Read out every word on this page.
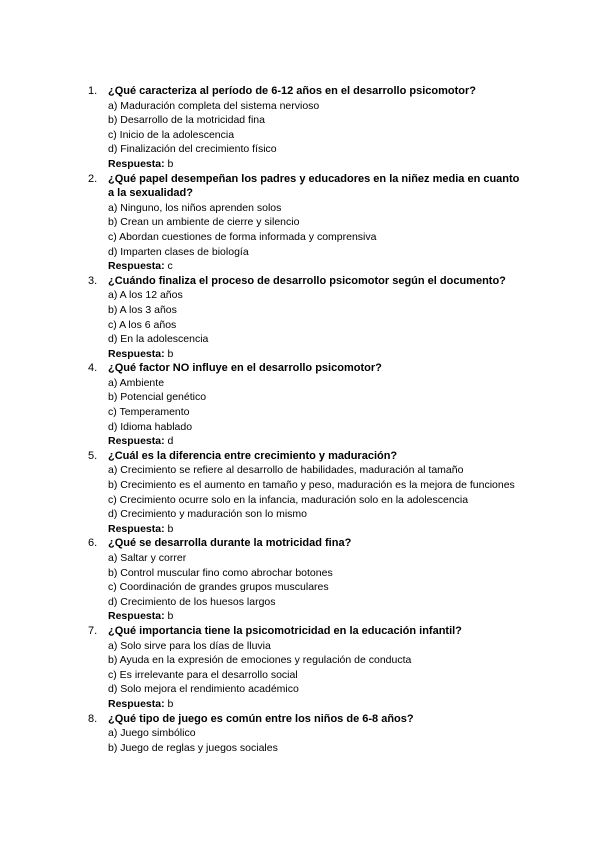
1. ¿Qué caracteriza al período de 6-12 años en el desarrollo psicomotor?

a) Maduración completa del sistema nervioso

b) Desarrollo de la motricidad fina

c) Inicio de la adolescencia

d) Finalización del crecimiento físico

Respuesta: b

2. ¿Qué papel desempeñan los padres y educadores en la niñez media en cuanto a la sexualidad?

a) Ninguno, los niños aprenden solos

b) Crean un ambiente de cierre y silencio

c) Abordan cuestiones de forma informada y comprensiva

d) Imparten clases de biología

Respuesta: c

3. ¿Cuándo finaliza el proceso de desarrollo psicomotor según el documento?

a) A los 12 años

b) A los 3 años

c) A los 6 años

d) En la adolescencia

Respuesta: b

4. ¿Qué factor NO influye en el desarrollo psicomotor?

a) Ambiente

b) Potencial genético

c) Temperamento

d) Idioma hablado

Respuesta: d

5. ¿Cuál es la diferencia entre crecimiento y maduración?

a) Crecimiento se refiere al desarrollo de habilidades, maduración al tamaño

b) Crecimiento es el aumento en tamaño y peso, maduración es la mejora de funciones

c) Crecimiento ocurre solo en la infancia, maduración solo en la adolescencia

d) Crecimiento y maduración son lo mismo

Respuesta: b

6. ¿Qué se desarrolla durante la motricidad fina?

a) Saltar y correr

b) Control muscular fino como abrochar botones

c) Coordinación de grandes grupos musculares

d) Crecimiento de los huesos largos

Respuesta: b

7. ¿Qué importancia tiene la psicomotricidad en la educación infantil?

a) Solo sirve para los días de lluvia

b) Ayuda en la expresión de emociones y regulación de conducta

c) Es irrelevante para el desarrollo social

d) Solo mejora el rendimiento académico

Respuesta: b

8. ¿Qué tipo de juego es común entre los niños de 6-8 años?

a) Juego simbólico

b) Juego de reglas y juegos sociales
